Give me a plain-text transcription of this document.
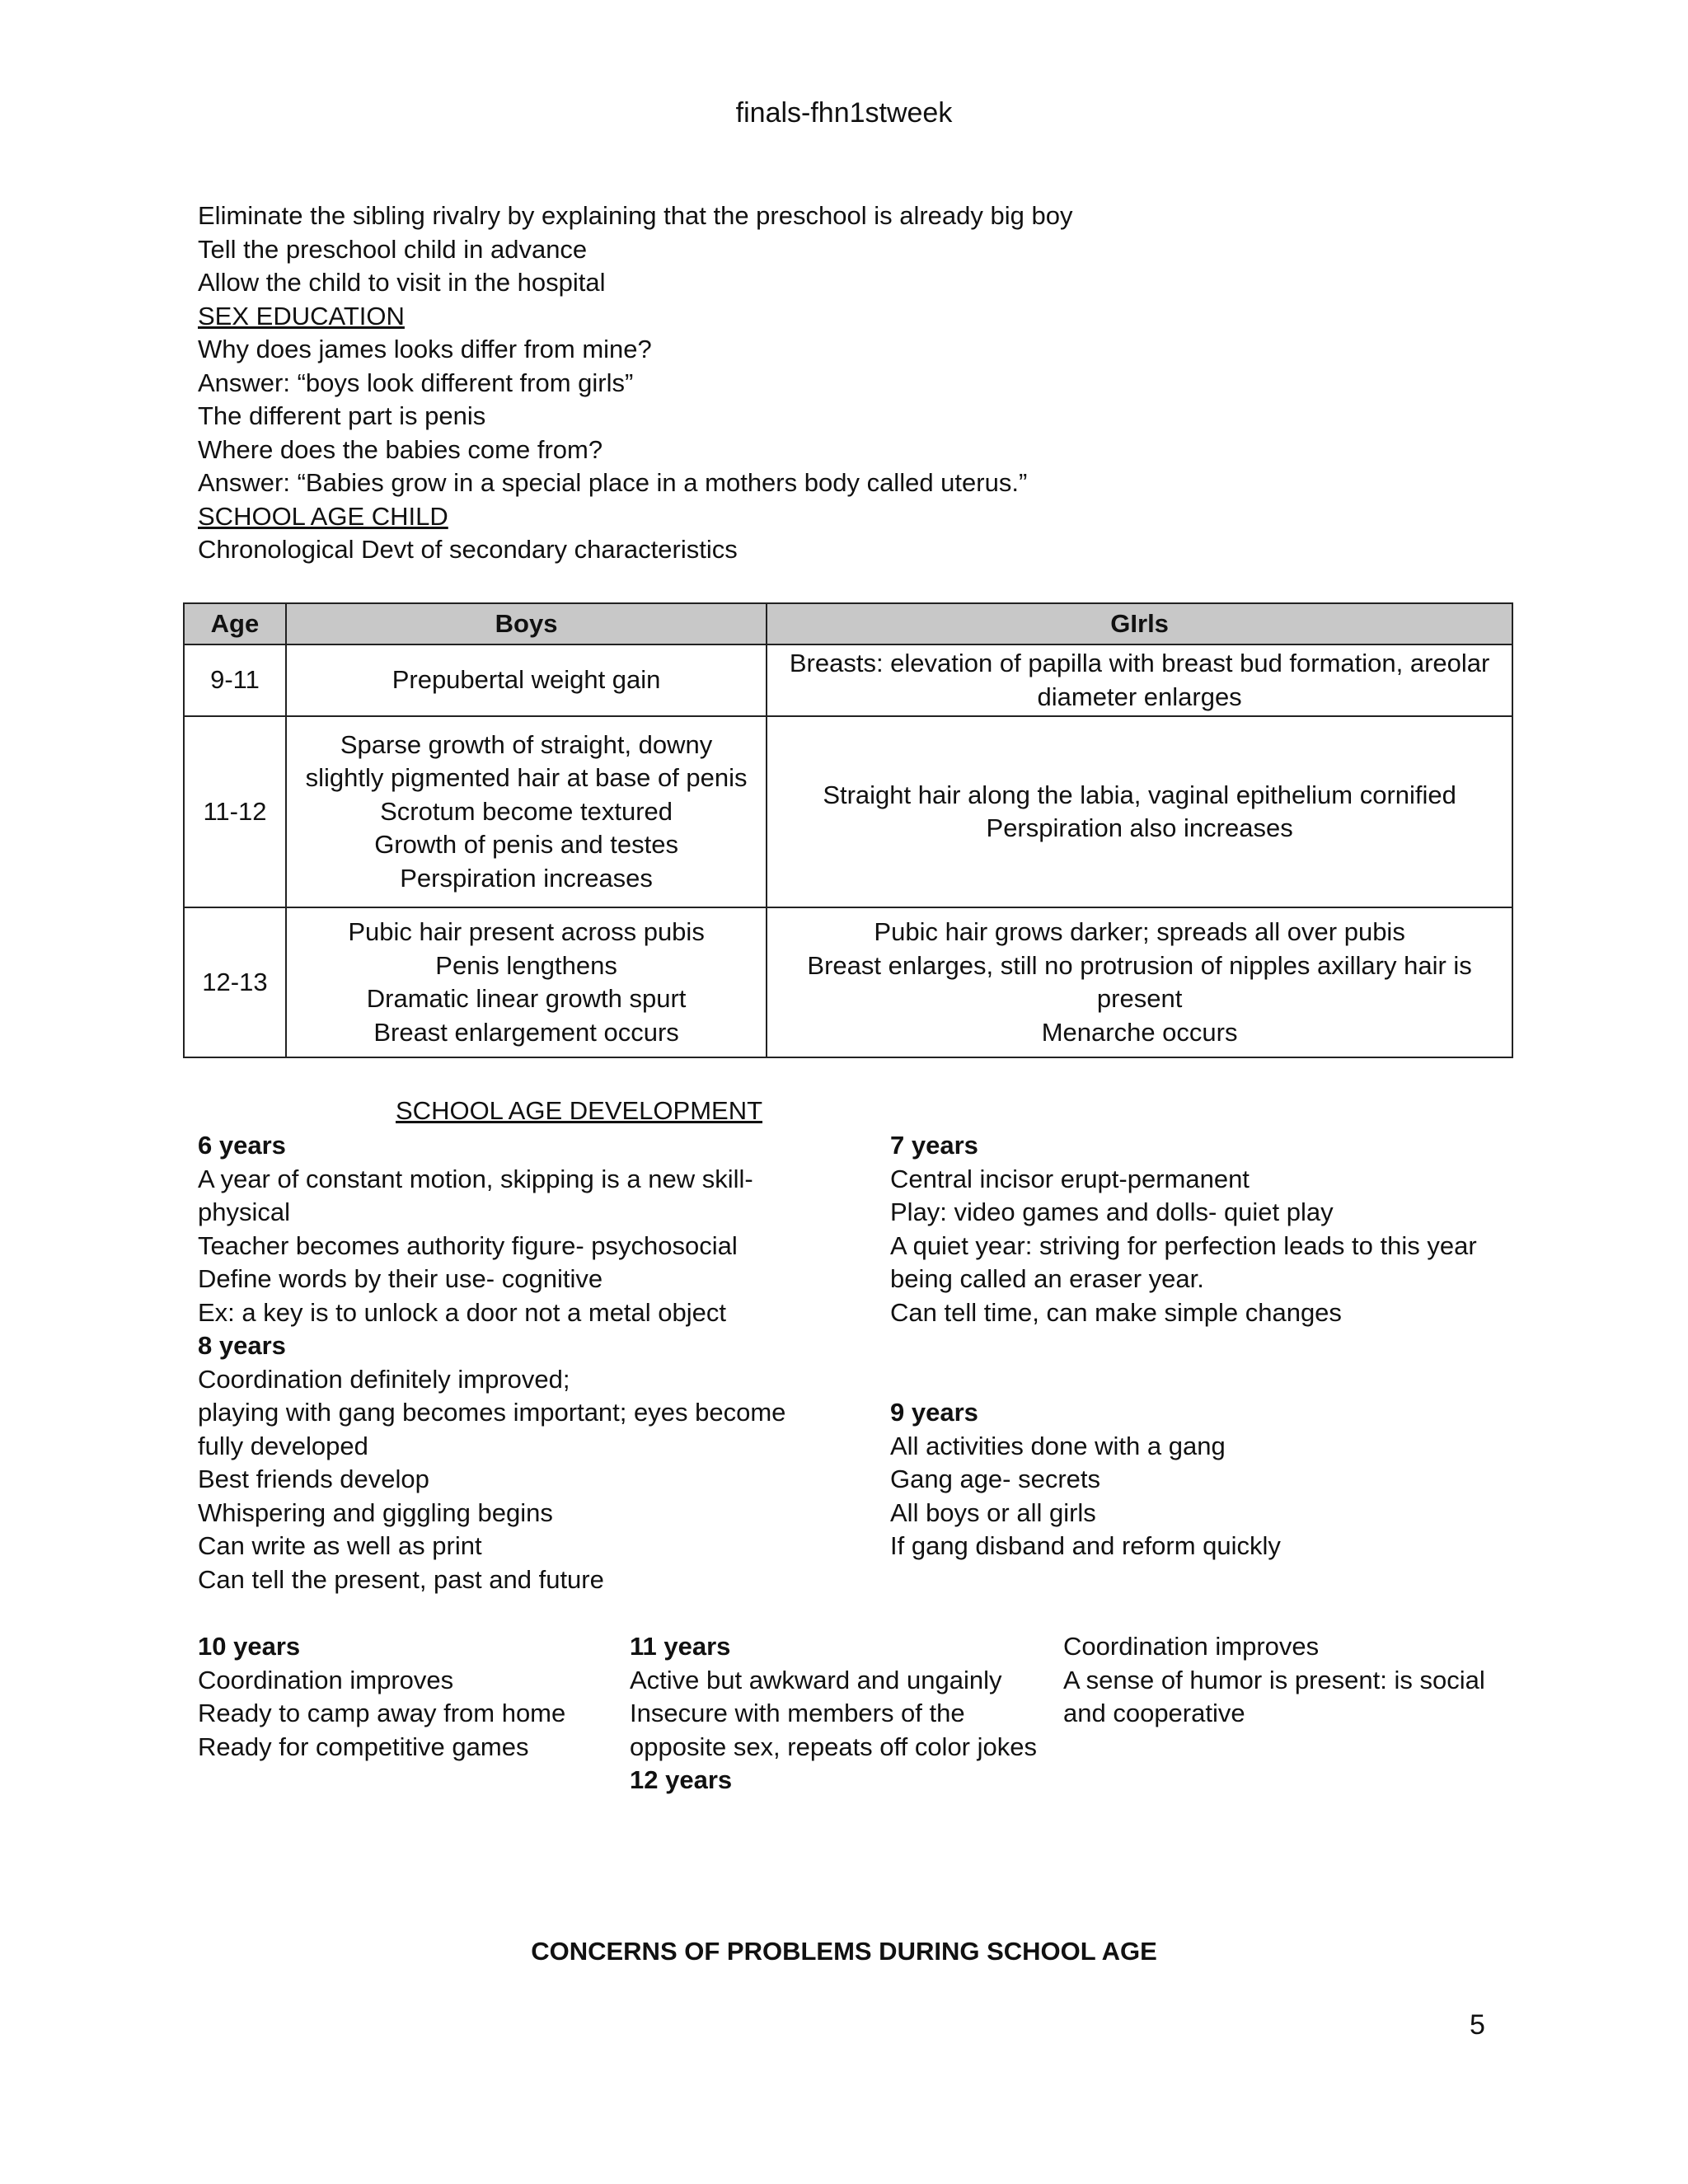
finals-fhn1stweek
Eliminate the sibling rivalry by explaining that the preschool is already big boy
Tell the preschool child in advance
Allow the child to visit in the hospital
SEX EDUCATION
Why does james looks differ from mine?
Answer: “boys look different from girls”
The different part is penis
Where does the babies come from?
Answer: “Babies grow in a special place in a mothers body called uterus.”
SCHOOL AGE CHILD
Chronological Devt of secondary characteristics
Age	Boys	GIrls
9-11	Prepubertal weight gain	Breasts: elevation of papilla with breast bud formation, areolar
diameter enlarges

11-12	Sparse growth of straight, downy
slightly pigmented hair at base of penis
Scrotum become textured
Growth of penis and testes
Perspiration increases	Straight hair along the labia, vaginal epithelium cornified
Perspiration also increases

12-13	Pubic hair present across pubis
Penis lengthens
Dramatic linear growth spurt
Breast enlargement occurs	Pubic hair grows darker; spreads all over pubis
Breast enlarges, still no protrusion of nipples axillary hair is
present
Menarche occurs
SCHOOL AGE DEVELOPMENT
6 years
A year of constant motion, skipping is a new skill-
physical
Teacher becomes authority figure- psychosocial
Define words by their use- cognitive
Ex: a key is to unlock a door not a metal object
8 years
Coordination definitely improved;
playing with gang becomes important; eyes become
fully developed
Best friends develop
Whispering and giggling begins
Can write as well as print
Can tell the present, past and future
7 years
Central incisor erupt-permanent
Play: video games and dolls- quiet play
A quiet year: striving for perfection leads to this year
being called an eraser year.
Can tell time, can make simple changes
9 years
All activities done with a gang
Gang age- secrets
All boys or all girls
If gang disband and reform quickly
10 years
Coordination improves
Ready to camp away from home
Ready for competitive games
11 years
Active but awkward and ungainly
Insecure with members of the
opposite sex, repeats off color jokes
12 years
Coordination improves
A sense of humor is present: is social
and cooperative
CONCERNS OF PROBLEMS DURING SCHOOL AGE
5
